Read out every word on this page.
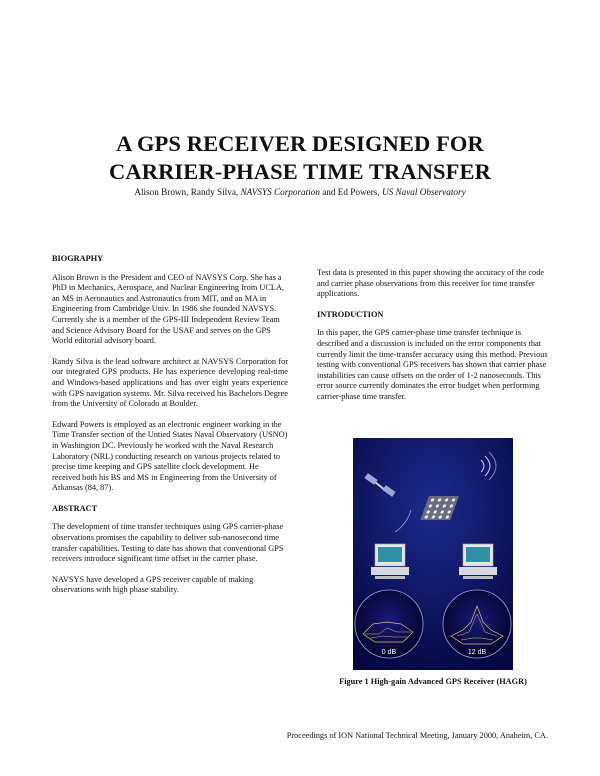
A GPS RECEIVER DESIGNED FOR
CARRIER-PHASE TIME TRANSFER
Alison Brown, Randy Silva, NAVSYS Corporation and Ed Powers, US Naval Observatory
BIOGRAPHY

Alison Brown is the President and CEO of NAVSYS Corp. She has a PhD in Mechanics, Aerospace, and Nuclear Engineering from UCLA, an MS in Aeronautics and Astronautics from MIT, and an MA in Engineering from Cambridge Univ. In 1986 she founded NAVSYS. Currently she is a member of the GPS-III Independent Review Team and Science Advisory Board for the USAF and serves on the GPS World editorial advisory board.

Randy Silva is the lead software architect at NAVSYS Corporation for our integrated GPS products. He has experience developing real-time and Windows-based applications and has over eight years experience with GPS navigation systems. Mr. Silva received his Bachelors Degree from the University of Colorado at Boulder.

Edward Powers is employed as an electronic engineer working in the Time Transfer section of the Untied States Naval Observatory (USNO) in Washington DC. Previously he worked with the Naval Research Laboratory (NRL) conducting research on various projects related to precise time keeping and GPS satellite clock development. He received both his BS and MS in Engineering from the University of Arkansas (84, 87).

ABSTRACT

The development of time transfer techniques using GPS carrier-phase observations promises the capability to deliver sub-nanosecond time transfer capabilities. Testing to date has shown that conventional GPS receivers introduce significant time offset in the carrier phase.

NAVSYS have developed a GPS receiver capable of making observations with high phase stability.

Test data is presented in this paper showing the accuracy of the code and carrier phase observations from this receiver for time transfer applications.

INTRODUCTION

In this paper, the GPS carrier-phase time transfer technique is described and a discussion is included on the error components that currently limit the time-transfer accuracy using this method. Previous testing with conventional GPS receivers has shown that carrier phase instabilities can cause offsets on the order of 1-2 nanoseconds. This error source currently dominates the error budget when performing carrier-phase time transfer.

0 dB	12 dB
Figure 1 High-gain Advanced GPS Receiver (HAGR)
Proceedings of ION National Technical Meeting, January 2000, Anaheim, CA.
